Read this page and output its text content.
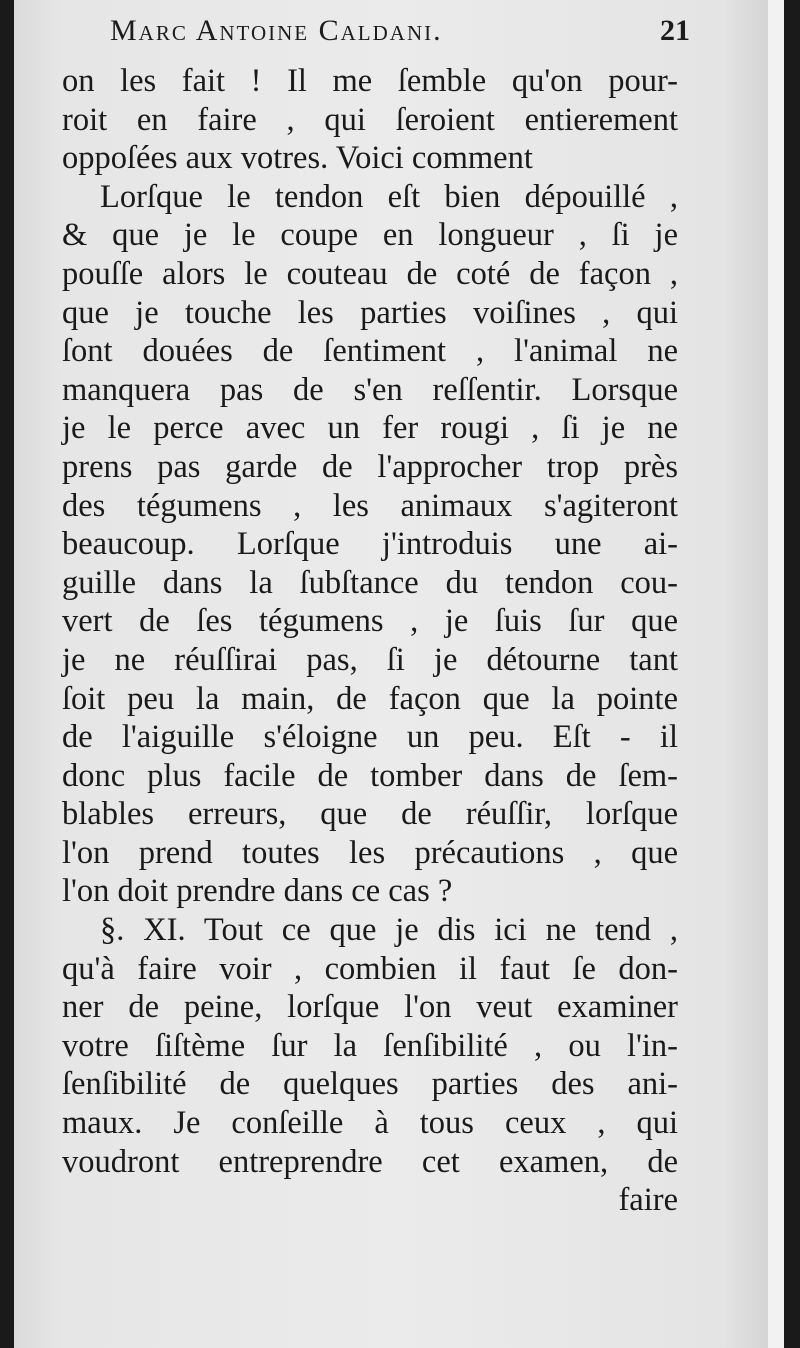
Marc Antoine Caldani.	21
on les fait ! Il me ſemble qu'on pour-
roit en faire , qui ſeroient entierement
oppoſées aux votres. Voici comment
Lorſque le tendon eſt bien dépouillé ,
& que je le coupe en longueur , ſi je
pouſſe alors le couteau de coté de façon ,
que je touche les parties voiſines , qui
ſont douées de ſentiment , l'animal ne
manquera pas de s'en reſſentir. Lorsque
je le perce avec un fer rougi , ſi je ne
prens pas garde de l'approcher trop près
des tégumens , les animaux s'agiteront
beaucoup. Lorſque j'introduis une ai-
guille dans la ſubſtance du tendon cou-
vert de ſes tégumens , je ſuis ſur que
je ne réuſſirai pas, ſi je détourne tant
ſoit peu la main, de façon que la pointe
de l'aiguille s'éloigne un peu. Eſt - il
donc plus facile de tomber dans de ſem-
blables erreurs, que de réuſſir, lorſque
l'on prend toutes les précautions , que
l'on doit prendre dans ce cas ?
§. XI. Tout ce que je dis ici ne tend ,
qu'à faire voir , combien il faut ſe don-
ner de peine, lorſque l'on veut examiner
votre ſiſtème ſur la ſenſibilité , ou l'in-
ſenſibilité de quelques parties des ani-
maux. Je conſeille à tous ceux , qui
voudront entreprendre cet examen, de
faire
